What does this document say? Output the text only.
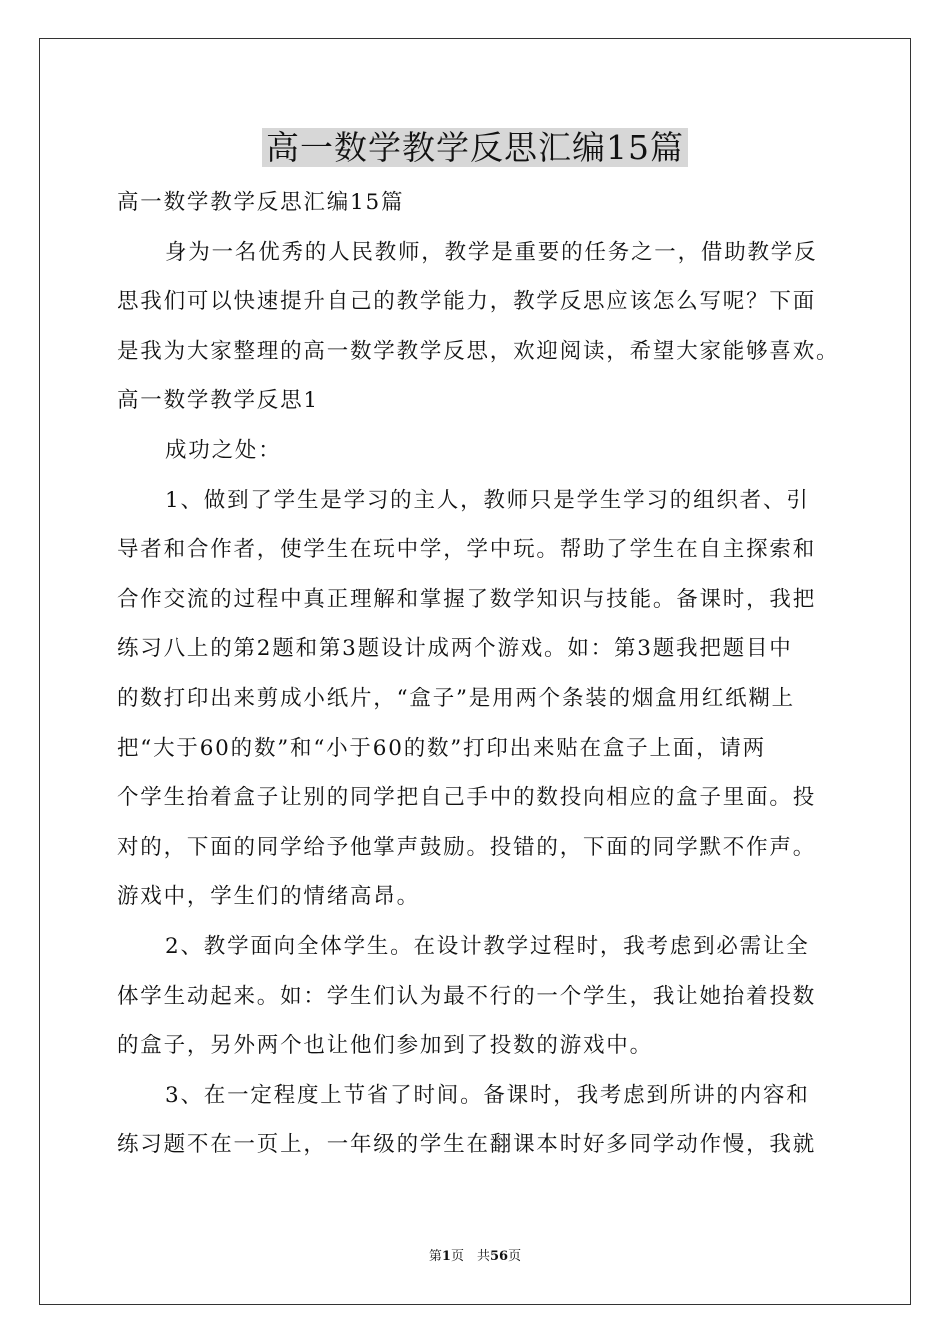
高一数学教学反思汇编15篇
高一数学教学反思汇编15篇
身为一名优秀的人民教师，教学是重要的任务之一，借助教学反
思我们可以快速提升自己的教学能力，教学反思应该怎么写呢？下面
是我为大家整理的高一数学教学反思，欢迎阅读，希望大家能够喜欢。
高一数学教学反思1
成功之处：
1、做到了学生是学习的主人，教师只是学生学习的组织者、引
导者和合作者，使学生在玩中学，学中玩。帮助了学生在自主探索和
合作交流的过程中真正理解和掌握了数学知识与技能。备课时，我把
练习八上的第2题和第3题设计成两个游戏。如：第3题我把题目中
的数打印出来剪成小纸片，“盒子”是用两个条装的烟盒用红纸糊上
把“大于60的数”和“小于60的数”打印出来贴在盒子上面，请两
个学生抬着盒子让别的同学把自己手中的数投向相应的盒子里面。投
对的，下面的同学给予他掌声鼓励。投错的，下面的同学默不作声。
游戏中，学生们的情绪高昂。
2、教学面向全体学生。在设计教学过程时，我考虑到必需让全
体学生动起来。如：学生们认为最不行的一个学生，我让她抬着投数
的盒子，另外两个也让他们参加到了投数的游戏中。
3、在一定程度上节省了时间。备课时，我考虑到所讲的内容和
练习题不在一页上，一年级的学生在翻课本时好多同学动作慢，我就
第1页　共56页
